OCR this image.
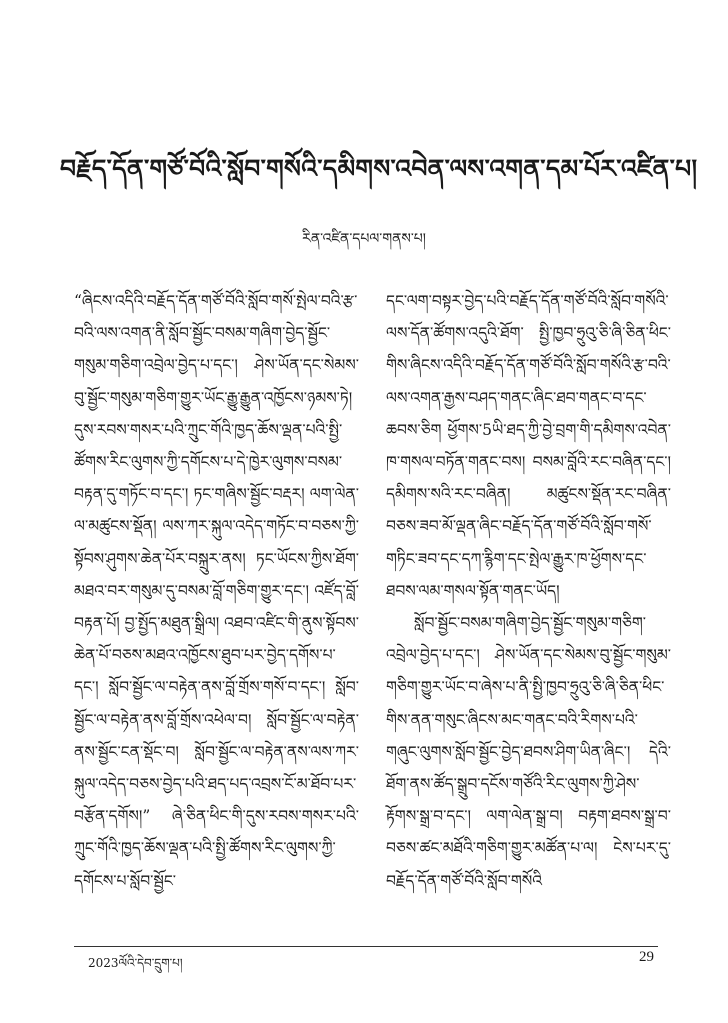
བརྗོད་དོན་གཙོ་བོའི་སློབ་གསོའི་དམིགས་འབེན་ལས་འགན་དམ་པོར་འཛིན་པ།
རིན་འཛིན་དཔལ་གནས་པ།

“ཞིངས་འདིའི་བརྗོད་དོན་གཙོ་བོའི་སློབ་གསོ་སྤེལ་བའི་རྩ་བའི་ལས་འགན་ནི་སློབ་སྦྱོང་བསམ་གཞིག་བྱེད་སྦྱོང་གསུམ་གཅིག་འབྲེལ་བྱེད་པ་དང་། ཤེས་ཡོན་དང་སེམས་བུ་སྦྱོང་གསུམ་གཅིག་གྱུར་ཡོང་རྒྱུ་རྒྱུན་འཁྱོངས་ཉམས་ཏེ། དུས་རབས་གསར་པའི་ཀྲུང་གོའི་ཁྱད་ཆོས་ལྡན་པའི་སྤྱི་ཚོགས་རིང་ལུགས་ཀྱི་དགོངས་པ་དེ་ཁྱེར་ལུགས་བསམ་བརྟན་དུ་གཏོང་བ་དང་། ཏང་གཞིས་སྦྱོང་བརྡར། ལག་ལེན་ལ་མཚུངས་སྡོན། ལས་ཀར་སྐུལ་འདེད་གཏོང་བ་བཅས་ཀྱི་སྟོབས་ཤུགས་ཆེན་པོར་བསྐྲུར་ནས། ཏང་ཡོངས་ཀྱིས་ཐོག་མཐའ་བར་གསུམ་དུ་བསམ་བློ་གཅིག་གྱུར་དང་། འཛོད་བློ་བརྟན་པོ། བྱ་སྤྱོད་མཐུན་སྒྲིལ། འཐབ་འཛིང་གི་ནུས་སྟོབས་ཆེན་པོ་བཅས་མཐའ་འཁྱོངས་ཐུབ་པར་བྱེད་དགོས་པ་དང་། སློབ་སྦྱོང་ལ་བརྟེན་ནས་བློ་གྲོས་གསོ་བ་དང་། སློབ་སྦྱོང་ལ་བརྟེན་ནས་བློ་གྲོས་འཕེལ་བ། སློབ་སྦྱོང་ལ་བརྟེན་ནས་སྦྱོང་ངན་སྡོང་བ། སློབ་སྦྱོང་ལ་བརྟེན་ནས་ལས་ཀར་སྐུལ་འདེད་བཅས་བྱེད་པའི་ཐད་པད་འབྲས་ངོ་མ་ཐོབ་པར་བརྩོན་དགོས།” ཞེ་ཅིན་ཕིང་གི་དུས་རབས་གསར་པའི་ཀྲུང་གོའི་ཁྱད་ཆོས་ལྡན་པའི་སྤྱི་ཚོགས་རིང་ལུགས་ཀྱི་དགོངས་པ་སློབ་སྦྱོང་

དང་ལག་བསྟར་བྱེད་པའི་བརྗོད་དོན་གཙོ་བོའི་སློབ་གསོའི་ལས་དོན་ཚོགས་འདུའི་ཐོག་ སྤྱི་ཁྱབ་ཧྲུའུ་ཅི་ཞི་ཅིན་ཕིང་གིས་ཞིངས་འདིའི་བརྗོད་དོན་གཙོ་བོའི་སློབ་གསོའི་རྩ་བའི་ལས་འགན་རྒྱས་བཤད་གནང་ཞིང་ཐབ་གནང་བ་དང་ཆབས་ཅིག ཕྱོགས་5ཡི་ཐད་ཀྱི་བྱེ་བྲག་གི་དམིགས་འབེན་ཁ་གསལ་བཏོན་གནང་བས། བསམ་བློའི་རང་བཞིན་དང་། དམིགས་སའི་རང་བཞིན། མཚུངས་སྡོན་རང་བཞིན་བཅས་ཟབ་མོ་ལྡན་ཞིང་བརྗོད་དོན་གཙོ་བོའི་སློབ་གསོ་གཏིང་ཟབ་དང་དཀ་རྙིག་དང་སྤེལ་རྒྱུར་ཁ་ཕྱོགས་དང་ཐབས་ལམ་གསལ་སྟོན་གནང་ཡོད།

སློབ་སྦྱོང་བསམ་གཞིག་བྱེད་སྦྱོང་གསུམ་གཅིག་འབྲེལ་བྱེད་པ་དང་། ཤེས་ཡོན་དང་སེམས་བུ་སྦྱོང་གསུམ་གཅིག་གྱུར་ཡོང་བ་ཞེས་པ་ནི་སྤྱི་ཁྱབ་ཧྲུའུ་ཅི་ཞི་ཅིན་ཕིང་གིས་ནན་གསུང་ཞིངས་མང་གནང་བའི་རིགས་པའི་གཞུང་ལུགས་སློབ་སྦྱོང་བྱེད་ཐབས་ཤིག་ཡིན་ཞིང་། དེའི་ཐོག་ནས་ཚོད་སྒྲུབ་དངོས་གཙོའི་རིང་ལུགས་ཀྱི་ཤེས་རྟོགས་སྒྲ་བ་དང་། ལག་ལེན་སྒྲ་བ། བརྟག་ཐབས་སྒྲ་བ་བཅས་ཚང་མཐོའི་གཅིག་གྱུར་མཚོན་པ་ལ། ངེས་པར་དུ་བརྗོད་དོན་གཙོ་བོའི་སློབ་གསོའི

2023ལོའི་དེབ་དྲུག་པ།	29
